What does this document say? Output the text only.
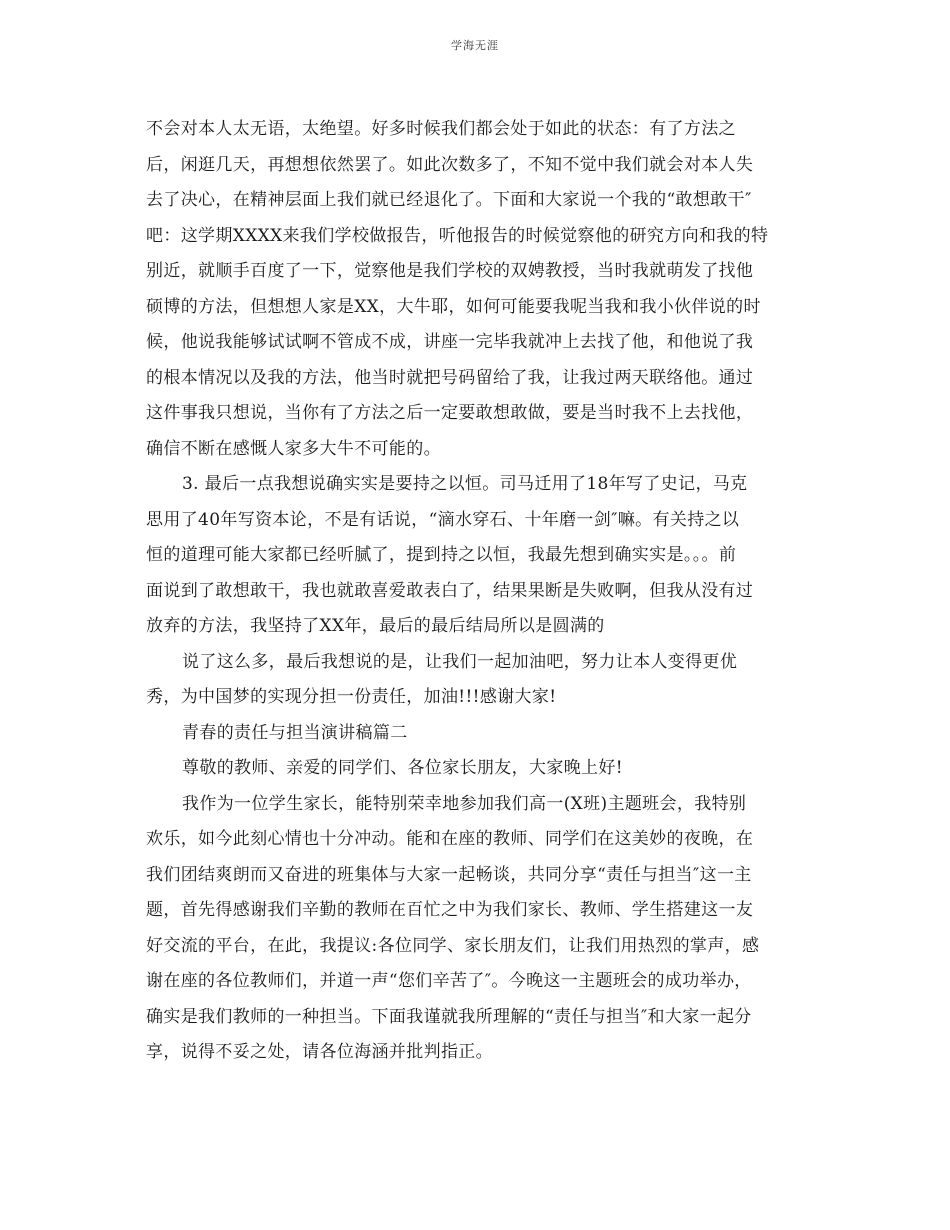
学海无涯
不会对本人太无语，太绝望。好多时候我们都会处于如此的状态：有了方法之
后，闲逛几天，再想想依然罢了。如此次数多了，不知不觉中我们就会对本人失
去了决心，在精神层面上我们就已经退化了。下面和大家说一个我的“敢想敢干″
吧：这学期XXXX来我们学校做报告，听他报告的时候觉察他的研究方向和我的特
别近，就顺手百度了一下，觉察他是我们学校的双娉教授，当时我就萌发了找他
硕博的方法，但想想人家是XX，大牛耶，如何可能要我呢当我和我小伙伴说的时
候，他说我能够试试啊不管成不成，讲座一完毕我就冲上去找了他，和他说了我
的根本情况以及我的方法，他当时就把号码留给了我，让我过两天联络他。通过
这件事我只想说，当你有了方法之后一定要敢想敢做，要是当时我不上去找他，
确信不断在感慨人家多大牛不可能的。
3. 最后一点我想说确实实是要持之以恒。司马迁用了18年写了史记，马克
思用了40年写资本论，不是有话说，“滴水穿石、十年磨一剑″嘛。有关持之以
恒的道理可能大家都已经听腻了，提到持之以恒，我最先想到确实实是。。。前
面说到了敢想敢干，我也就敢喜爱敢表白了，结果果断是失败啊，但我从没有过
放弃的方法，我坚持了XX年，最后的最后结局所以是圆满的
说了这么多，最后我想说的是，让我们一起加油吧，努力让本人变得更优
秀，为中国梦的实现分担一份责任，加油!!!感谢大家!
青春的责任与担当演讲稿篇二
尊敬的教师、亲爱的同学们、各位家长朋友，大家晚上好!
我作为一位学生家长，能特别荣幸地参加我们高一(X班)主题班会，我特别
欢乐，如今此刻心情也十分冲动。能和在座的教师、同学们在这美妙的夜晚，在
我们团结爽朗而又奋进的班集体与大家一起畅谈，共同分享“责任与担当″这一主
题，首先得感谢我们辛勤的教师在百忙之中为我们家长、教师、学生搭建这一友
好交流的平台，在此，我提议:各位同学、家长朋友们，让我们用热烈的掌声，感
谢在座的各位教师们，并道一声“您们辛苦了″。今晚这一主题班会的成功举办，
确实是我们教师的一种担当。下面我谨就我所理解的“责任与担当″和大家一起分
享，说得不妥之处，请各位海涵并批判指正。
